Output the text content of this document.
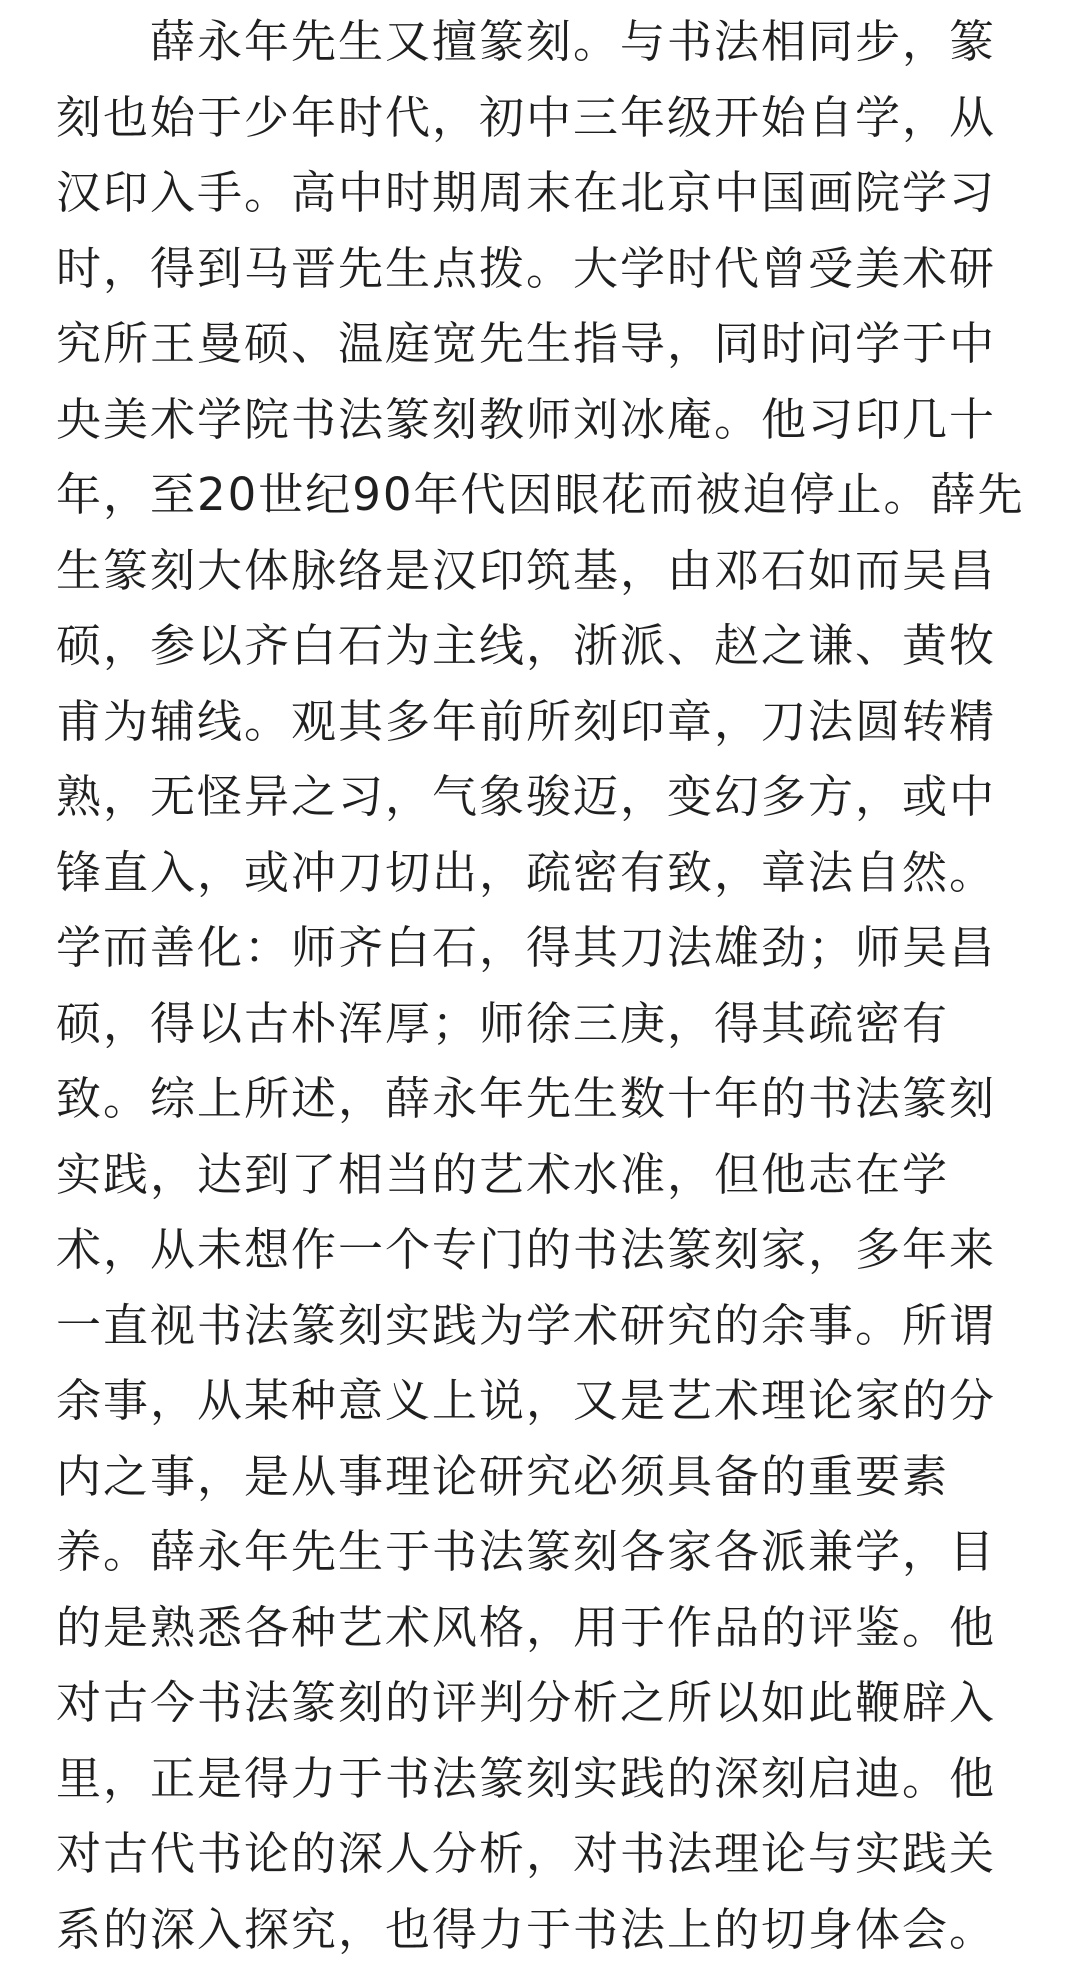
薛永年先生又擅篆刻。与书法相同步，篆
刻也始于少年时代，初中三年级开始自学，从
汉印入手。高中时期周末在北京中国画院学习
时，得到马晋先生点拨。大学时代曾受美术研
究所王曼硕、温庭宽先生指导，同时问学于中
央美术学院书法篆刻教师刘冰庵。他习印几十
年，至20世纪90年代因眼花而被迫停止。薛先
生篆刻大体脉络是汉印筑基，由邓石如而吴昌
硕，参以齐白石为主线，浙派、赵之谦、黄牧
甫为辅线。观其多年前所刻印章，刀法圆转精
熟，无怪异之习，气象骏迈，变幻多方，或中
锋直入，或冲刀切出，疏密有致，章法自然。
学而善化：师齐白石，得其刀法雄劲；师吴昌
硕，得以古朴浑厚；师徐三庚，得其疏密有
致。综上所述，薛永年先生数十年的书法篆刻
实践，达到了相当的艺术水准，但他志在学
术，从未想作一个专门的书法篆刻家，多年来
一直视书法篆刻实践为学术研究的余事。所谓
余事，从某种意义上说，又是艺术理论家的分
内之事，是从事理论研究必须具备的重要素
养。薛永年先生于书法篆刻各家各派兼学，目
的是熟悉各种艺术风格，用于作品的评鉴。他
对古今书法篆刻的评判分析之所以如此鞭辟入
里，正是得力于书法篆刻实践的深刻启迪。他
对古代书论的深人分析，对书法理论与实践关
系的深入探究，也得力于书法上的切身体会。
